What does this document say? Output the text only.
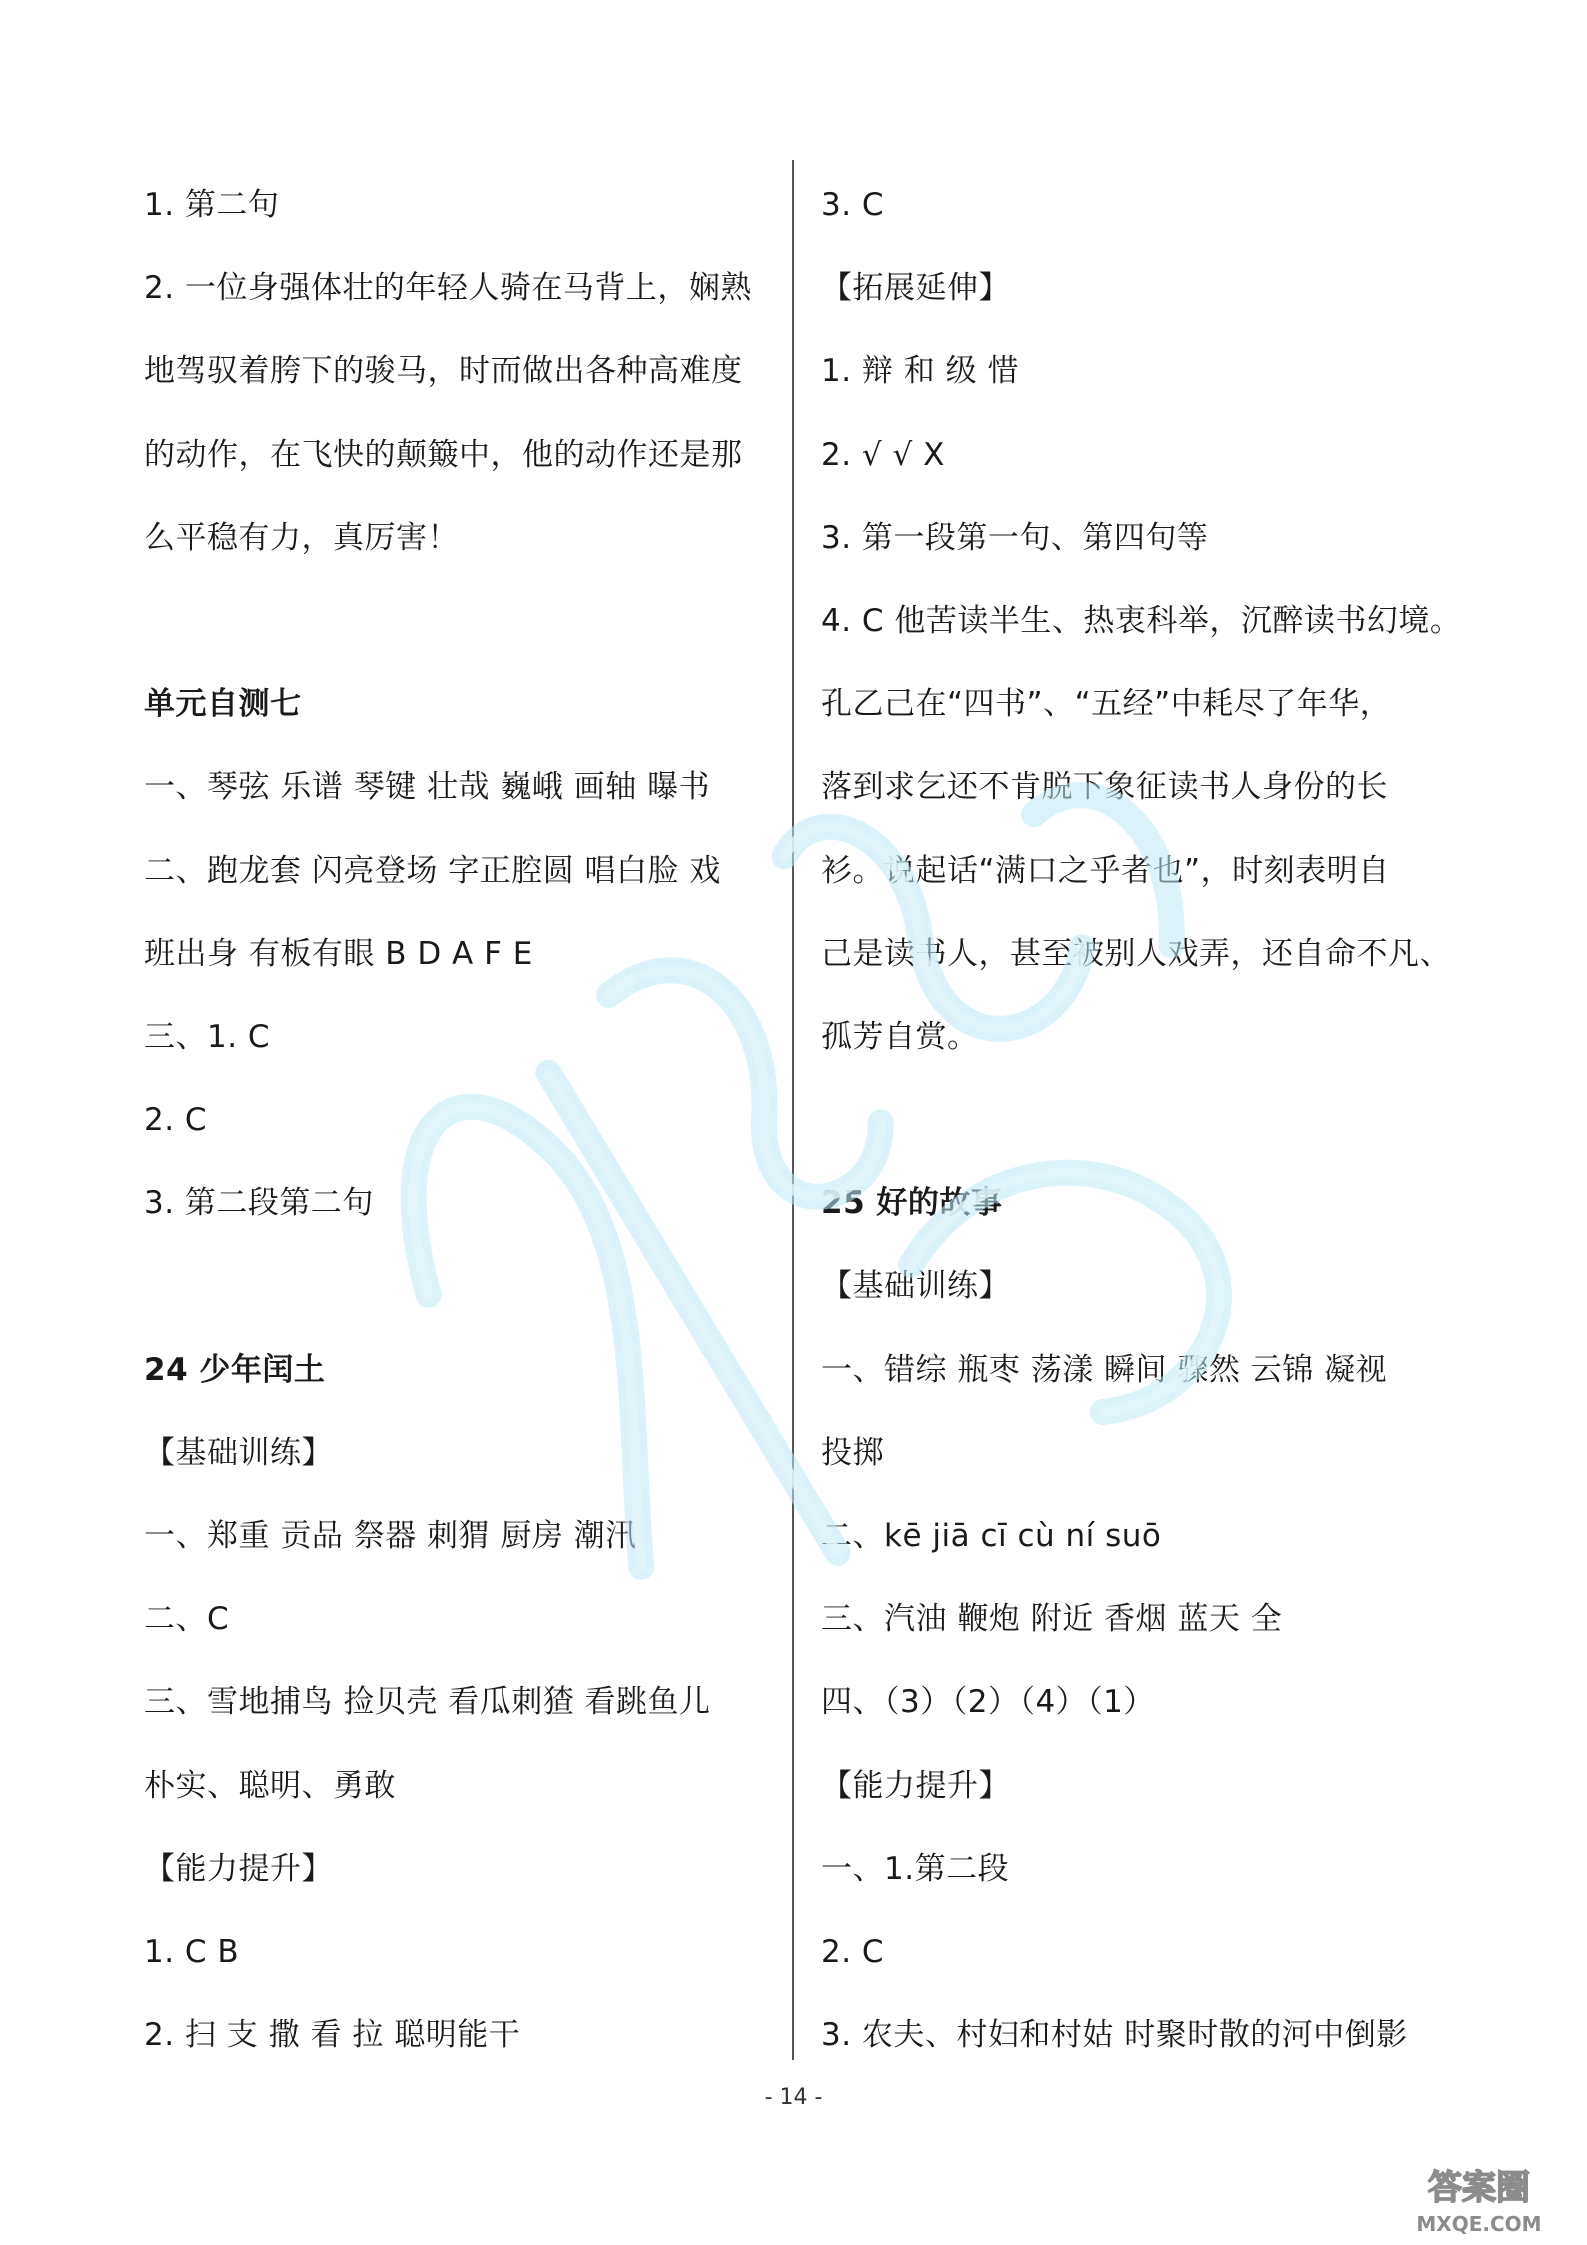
1. 第二句
2. 一位身强体壮的年轻人骑在马背上，娴熟
地驾驭着胯下的骏马，时而做出各种高难度
的动作，在飞快的颠簸中，他的动作还是那
么平稳有力，真厉害！
单元自测七
一、琴弦 乐谱 琴键 壮哉 巍峨 画轴 曝书
二、跑龙套 闪亮登场 字正腔圆 唱白脸 戏
班出身 有板有眼 B D A F E
三、1. C
2. C
3. 第二段第二句
24 少年闰土
【基础训练】
一、郑重 贡品 祭器 刺猬 厨房 潮汛
二、C
三、雪地捕鸟 捡贝壳 看瓜刺猹 看跳鱼儿
朴实、聪明、勇敢
【能力提升】
1. C B
2. 扫 支 撒 看 拉 聪明能干
3. C
【拓展延伸】
1. 辩 和 级 惜
2. √ √ X
3. 第一段第一句、第四句等
4. C 他苦读半生、热衷科举，沉醉读书幻境。
孔乙己在“四书”、“五经”中耗尽了年华，
落到求乞还不肯脱下象征读书人身份的长
衫。说起话“满口之乎者也”，时刻表明自
己是读书人，甚至被别人戏弄，还自命不凡、
孤芳自赏。
25 好的故事
【基础训练】
一、错综 瓶枣 荡漾 瞬间 骤然 云锦 凝视
投掷
二、kē jiā cī cù ní suō
三、汽油 鞭炮 附近 香烟 蓝天 全
四、（3）（2）（4）（1）
【能力提升】
一、1.第二段
2. C
3. 农夫、村妇和村姑 时聚时散的河中倒影
- 14 -
答案圈
MXQE.COM
